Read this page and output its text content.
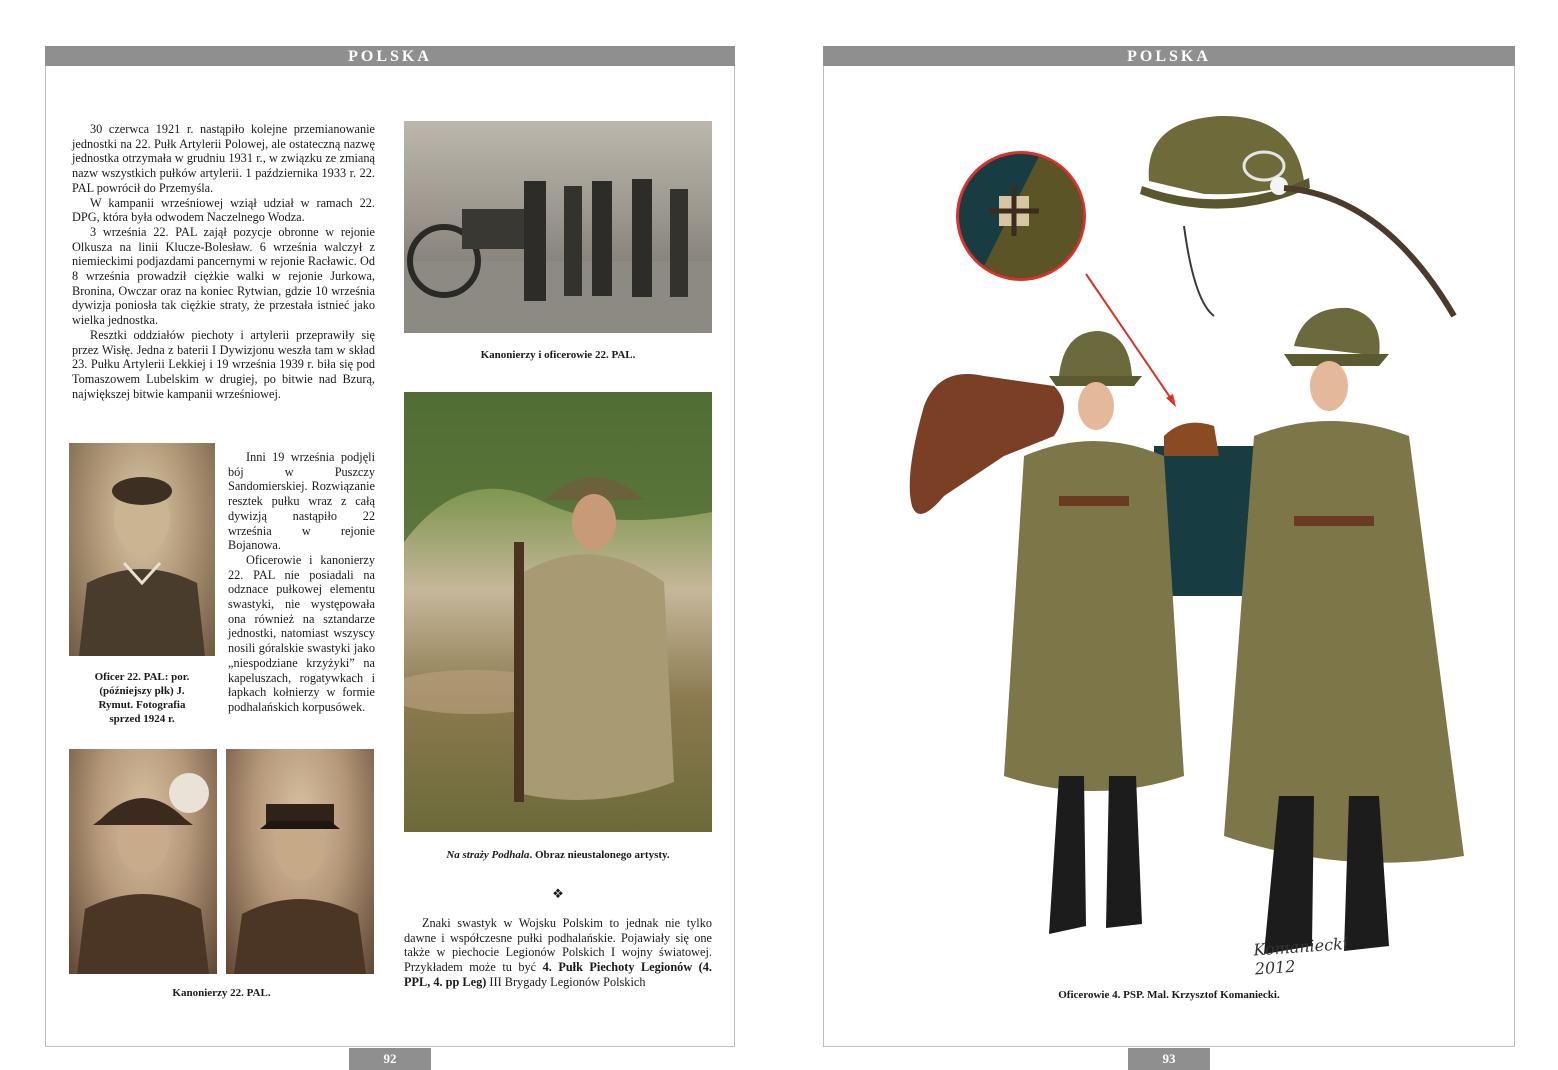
POLSKA

30 czerwca 1921 r. nastąpiło kolejne przemianowanie jednostki na 22. Pułk Artylerii Polowej, ale ostateczną nazwę jednostka otrzymała w grudniu 1931 r., w związku ze zmianą nazw wszystkich pułków artylerii. 1 października 1933 r. 22. PAL powrócił do Przemyśla.

W kampanii wrześniowej wziął udział w ramach 22. DPG, która była odwodem Naczelnego Wodza.

3 września 22. PAL zajął pozycje obronne w rejonie Olkusza na linii Klucze-Bolesław. 6 września walczył z niemieckimi podjazdami pancernymi w rejonie Racławic. Od 8 września prowadził ciężkie walki w rejonie Jurkowa, Bronina, Owczar oraz na koniec Rytwian, gdzie 10 września dywizja poniosła tak ciężkie straty, że przestała istnieć jako wielka jednostka.

Resztki oddziałów piechoty i artylerii przeprawiły się przez Wisłę. Jedna z baterii I Dywizjonu weszła tam w skład 23. Pułku Artylerii Lekkiej i 19 września 1939 r. biła się pod Tomaszowem Lubelskim w drugiej, po bitwie nad Bzurą, największej bitwie kampanii wrześniowej.

Inni 19 września podjęli bój w Puszczy Sandomierskiej. Rozwiązanie resztek pułku wraz z całą dywizją nastąpiło 22 września w rejonie Bojanowa.

Oficerowie i kanonierzy 22. PAL nie posiadali na odznace pułkowej elementu swastyki, nie występowała ona również na sztandarze jednostki, natomiast wszyscy nosili góralskie swastyki jako „niespodziane krzyżyki” na kapeluszach, rogatywkach i łapkach kołnierzy w formie podhalańskich korpusówek.

Oficer 22. PAL: por. (późniejszy płk) J. Rymut. Fotografia sprzed 1924 r.
Kanonierzy 22. PAL.
Kanonierzy i oficerowie 22. PAL.
Na straży Podhala. Obraz nieustalonego artysty.
❖

Znaki swastyk w Wojsku Polskim to jednak nie tylko dawne i współczesne pułki podhalańskie. Pojawiały się one także w piechocie Legionów Polskich I wojny światowej. Przykładem może tu być 4. Pułk Piechoty Legionów (4. PPL, 4. pp Leg) III Brygady Legionów Polskich

92
POLSKA
Komaniecki 2012
Oficerowie 4. PSP. Mal. Krzysztof Komaniecki.
93
